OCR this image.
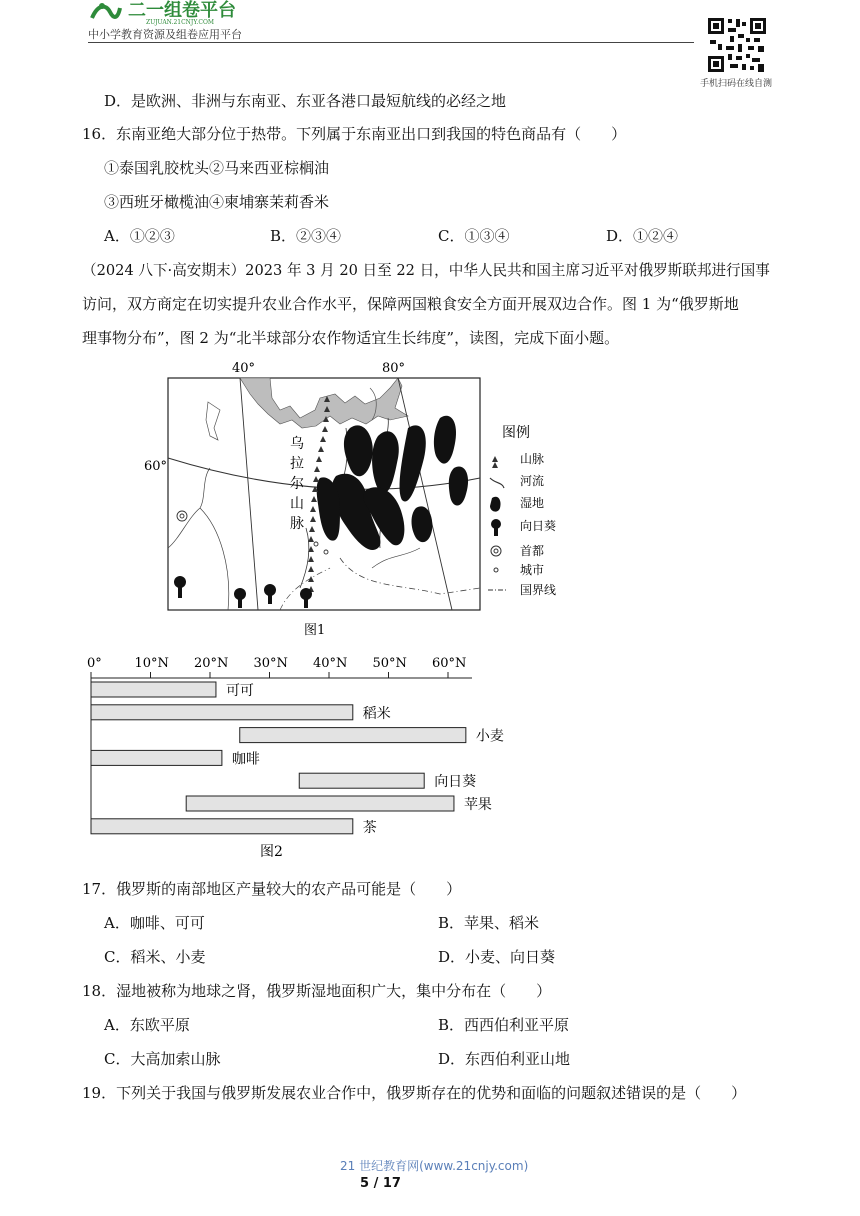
二一组卷平台
ZUJUAN.21CNJY.COM
中小学教育资源及组卷应用平台
手机扫码在线自测
D．是欧洲、非洲与东南亚、东亚各港口最短航线的必经之地
16．东南亚绝大部分位于热带。下列属于东南亚出口到我国的特色商品有（　　）
①泰国乳胶枕头②马来西亚棕榈油
③西班牙橄榄油④柬埔寨茉莉香米
A．①②③	B．②③④	C．①③④	D．①②④
（2024 八下·高安期末）2023 年 3 月 20 日至 22 日，中华人民共和国主席习近平对俄罗斯联邦进行国事
访问，双方商定在切实提升农业合作水平，保障两国粮食安全方面开展双边合作。图 1 为“俄罗斯地
理事物分布”，图 2 为“北半球部分农作物适宜生长纬度”，读图，完成下面小题。
40°	80°
60°
乌
拉
尔
山
脉
图例
山脉
河流
湿地
向日葵
首都
城市
国界线
图1
0°	10°N 20°N 30°N 40°N 50°N 60°N
可可
稻米
小麦
咖啡
向日葵
苹果
茶
图2
17．俄罗斯的南部地区产量较大的农产品可能是（　　）
A．咖啡、可可	B．苹果、稻米
C．稻米、小麦	D．小麦、向日葵
18．湿地被称为地球之肾，俄罗斯湿地面积广大，集中分布在（　　）
A．东欧平原	B．西西伯利亚平原
C．大高加索山脉	D．东西伯利亚山地
19．下列关于我国与俄罗斯发展农业合作中，俄罗斯存在的优势和面临的问题叙述错误的是（　　）
21 世纪教育网(www.21cnjy.com)
5 / 17
